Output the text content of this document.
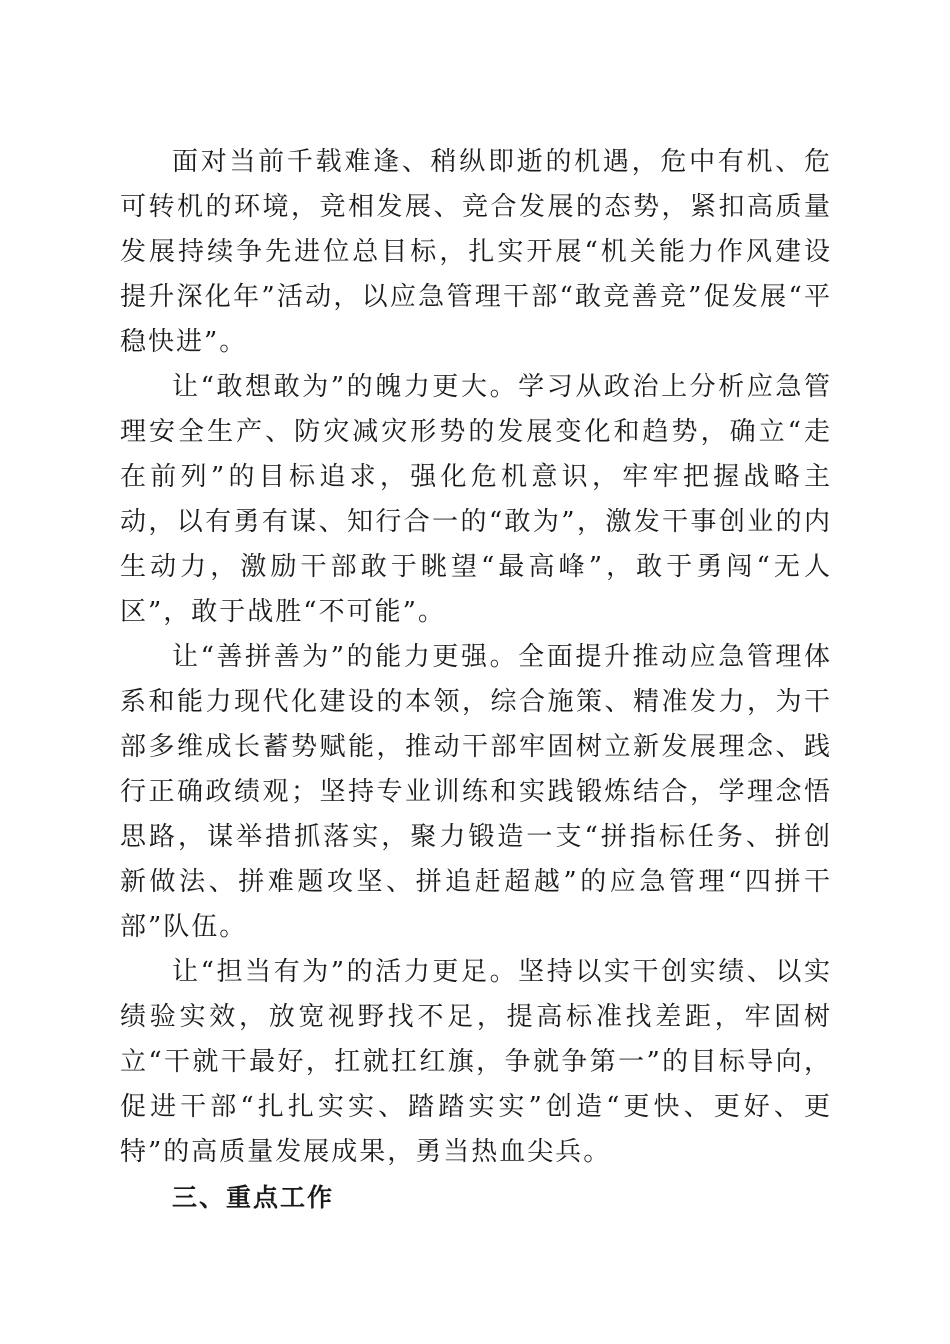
面对当前千载难逢、稍纵即逝的机遇，危中有机、危可转机的环境，竞相发展、竞合发展的态势，紧扣高质量发展持续争先进位总目标，扎实开展“机关能力作风建设提升深化年”活动，以应急管理干部“敢竞善竞”促发展“平稳快进”。

让“敢想敢为”的魄力更大。学习从政治上分析应急管理安全生产、防灾减灾形势的发展变化和趋势，确立“走在前列”的目标追求，强化危机意识，牢牢把握战略主动，以有勇有谋、知行合一的“敢为”，激发干事创业的内生动力，激励干部敢于眺望“最高峰”，敢于勇闯“无人区”，敢于战胜“不可能”。

让“善拼善为”的能力更强。全面提升推动应急管理体系和能力现代化建设的本领，综合施策、精准发力，为干部多维成长蓄势赋能，推动干部牢固树立新发展理念、践行正确政绩观；坚持专业训练和实践锻炼结合，学理念悟思路，谋举措抓落实，聚力锻造一支“拼指标任务、拼创新做法、拼难题攻坚、拼追赶超越”的应急管理“四拼干部”队伍。

让“担当有为”的活力更足。坚持以实干创实绩、以实绩验实效，放宽视野找不足，提高标准找差距，牢固树立“干就干最好，扛就扛红旗，争就争第一”的目标导向，促进干部“扎扎实实、踏踏实实”创造“更快、更好、更特”的高质量发展成果，勇当热血尖兵。

三、重点工作
